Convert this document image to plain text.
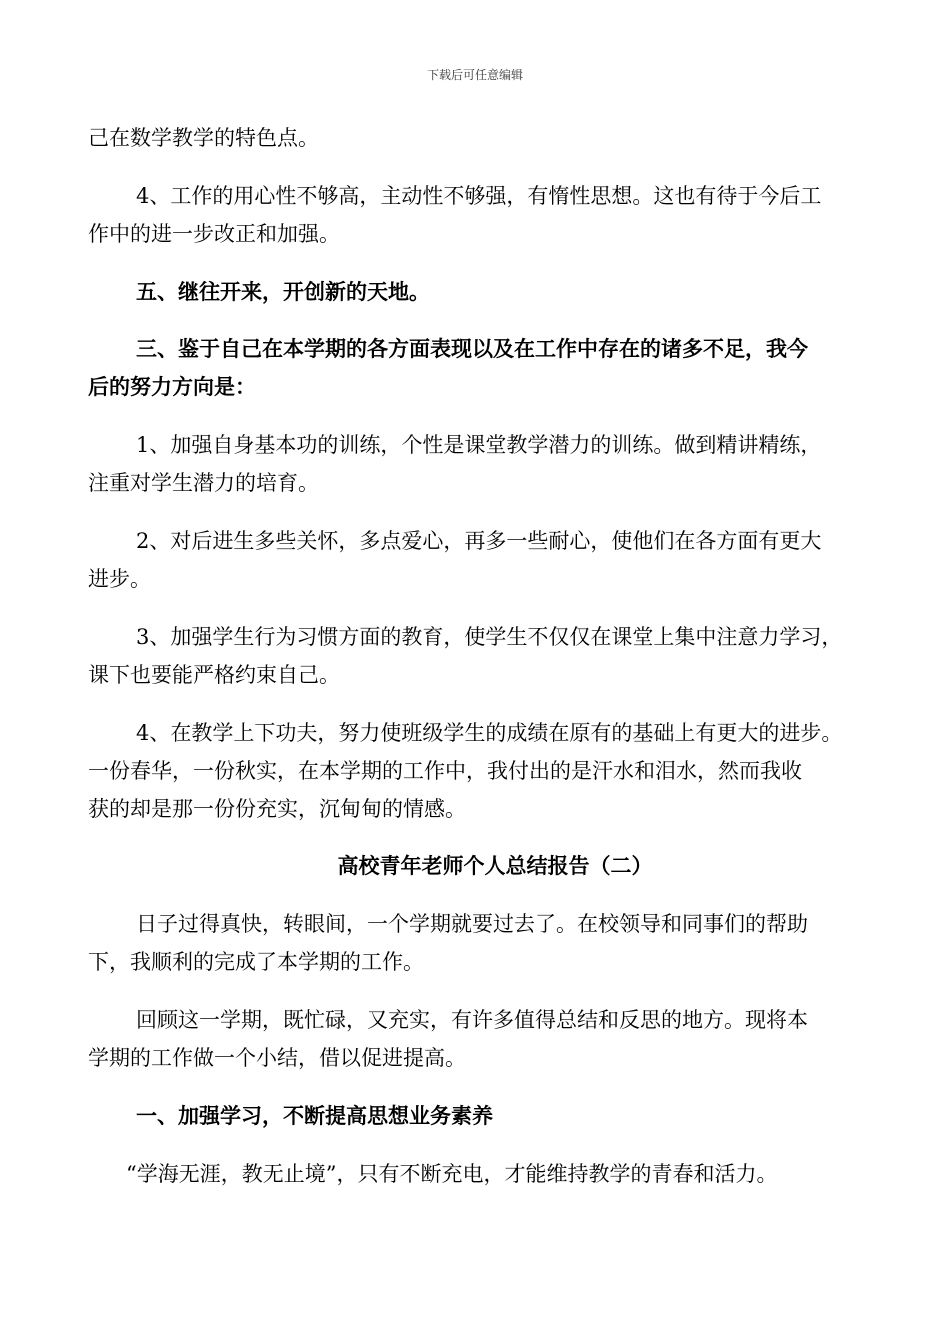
下载后可任意编辑
己在数学教学的特色点。
4、工作的用心性不够高，主动性不够强，有惰性思想。这也有待于今后工
作中的进一步改正和加强。
五、继往开来，开创新的天地。
三、鉴于自己在本学期的各方面表现以及在工作中存在的诸多不足，我今
后的努力方向是：
1、加强自身基本功的训练，个性是课堂教学潜力的训练。做到精讲精练，
注重对学生潜力的培育。
2、对后进生多些关怀，多点爱心，再多一些耐心，使他们在各方面有更大
进步。
3、加强学生行为习惯方面的教育，使学生不仅仅在课堂上集中注意力学习，
课下也要能严格约束自己。
4、在教学上下功夫，努力使班级学生的成绩在原有的基础上有更大的进步。
一份春华，一份秋实，在本学期的工作中，我付出的是汗水和泪水，然而我收
获的却是那一份份充实，沉甸甸的情感。
高校青年老师个人总结报告（二）
日子过得真快，转眼间，一个学期就要过去了。在校领导和同事们的帮助
下，我顺利的完成了本学期的工作。
回顾这一学期，既忙碌，又充实，有许多值得总结和反思的地方。现将本
学期的工作做一个小结，借以促进提高。
一、加强学习，不断提高思想业务素养
“学海无涯，教无止境”，只有不断充电，才能维持教学的青春和活力。
